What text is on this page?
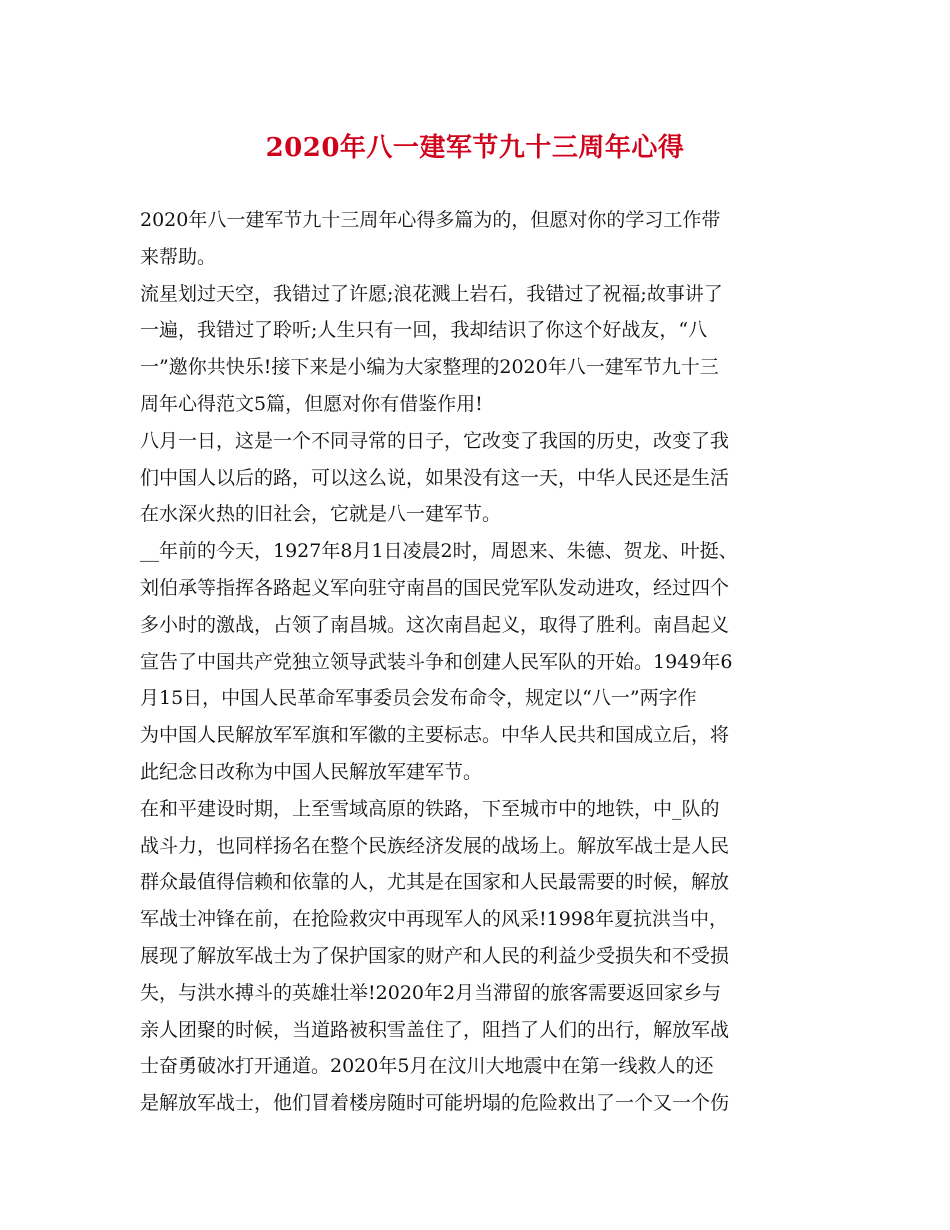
2020年八一建军节九十三周年心得
2020年八一建军节九十三周年心得多篇为的，但愿对你的学习工作带
来帮助。
流星划过天空，我错过了许愿;浪花溅上岩石，我错过了祝福;故事讲了
一遍，我错过了聆听;人生只有一回，我却结识了你这个好战友，“八
一”邀你共快乐!接下来是小编为大家整理的2020年八一建军节九十三
周年心得范文5篇，但愿对你有借鉴作用!
八月一日，这是一个不同寻常的日子，它改变了我国的历史，改变了我
们中国人以后的路，可以这么说，如果没有这一天，中华人民还是生活
在水深火热的旧社会，它就是八一建军节。
__年前的今天，1927年8月1日凌晨2时，周恩来、朱德、贺龙、叶挺、
刘伯承等指挥各路起义军向驻守南昌的国民党军队发动进攻，经过四个
多小时的激战，占领了南昌城。这次南昌起义，取得了胜利。南昌起义
宣告了中国共产党独立领导武装斗争和创建人民军队的开始。1949年6
月15日，中国人民革命军事委员会发布命令，规定以“八一”两字作
为中国人民解放军军旗和军徽的主要标志。中华人民共和国成立后，将
此纪念日改称为中国人民解放军建军节。
在和平建设时期，上至雪域高原的铁路，下至城市中的地铁，中_队的
战斗力，也同样扬名在整个民族经济发展的战场上。解放军战士是人民
群众最值得信赖和依靠的人，尤其是在国家和人民最需要的时候，解放
军战士冲锋在前，在抢险救灾中再现军人的风采!1998年夏抗洪当中，
展现了解放军战士为了保护国家的财产和人民的利益少受损失和不受损
失，与洪水搏斗的英雄壮举!2020年2月当滞留的旅客需要返回家乡与
亲人团聚的时候，当道路被积雪盖住了，阻挡了人们的出行，解放军战
士奋勇破冰打开通道。2020年5月在汶川大地震中在第一线救人的还
是解放军战士，他们冒着楼房随时可能坍塌的危险救出了一个又一个伤
